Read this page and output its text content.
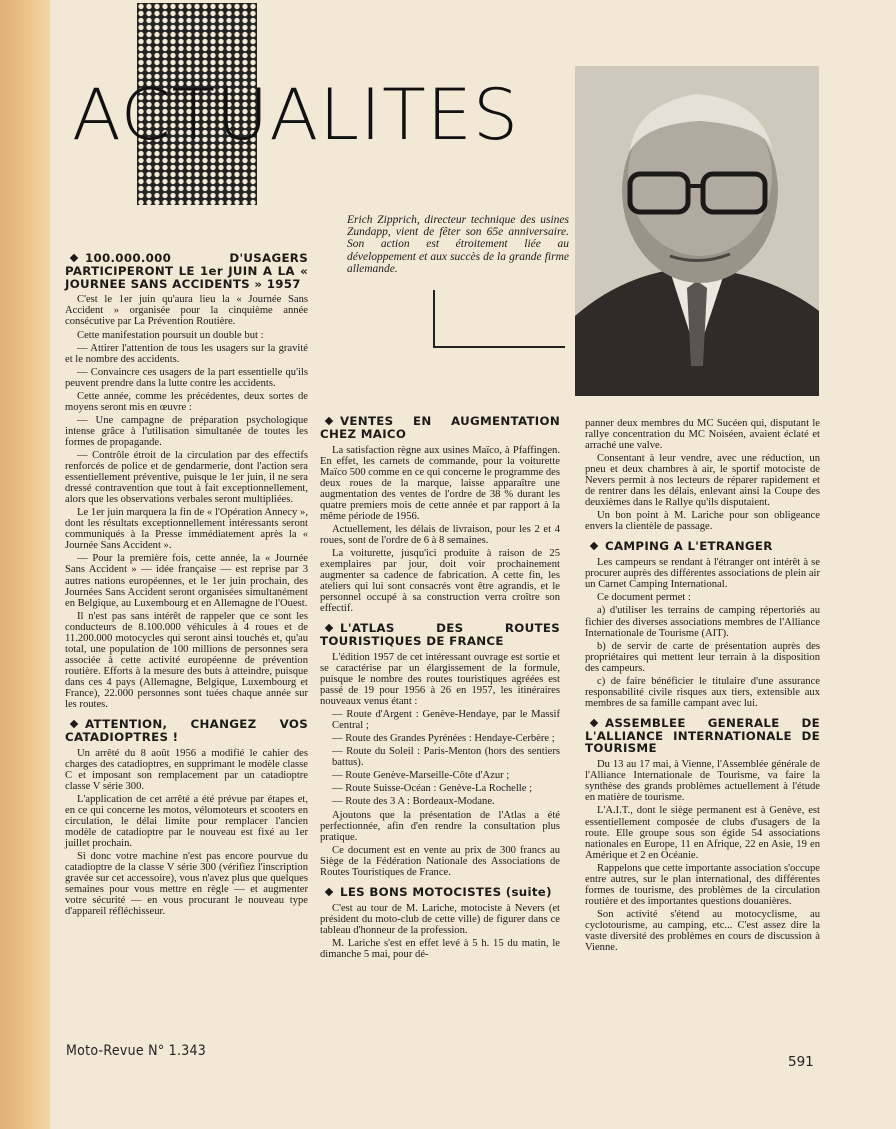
ACTUALITES

Erich Zipprich, directeur technique des usines Zundapp, vient de fêter son 65e anniversaire. Son action est étroitement liée au développement et aux succès de la grande firme allemande.

100.000.000 D'USAGERS PARTICIPERONT LE 1er JUIN A LA « JOURNEE SANS ACCIDENTS » 1957

C'est le 1er juin qu'aura lieu la « Journée Sans Accident » organisée pour la cinquième année consécutive par La Prévention Routière.

Cette manifestation poursuit un double but :

— Attirer l'attention de tous les usagers sur la gravité et le nombre des accidents.

— Convaincre ces usagers de la part essentielle qu'ils peuvent prendre dans la lutte contre les accidents.

Cette année, comme les précédentes, deux sortes de moyens seront mis en œuvre :

— Une campagne de préparation psychologique intense grâce à l'utilisation simultanée de toutes les formes de propagande.

— Contrôle étroit de la circulation par des effectifs renforcés de police et de gendarmerie, dont l'action sera essentiellement préventive, puisque le 1er juin, il ne sera dressé contravention que tout à fait exceptionnellement, alors que les observations verbales seront multipliées.

Le 1er juin marquera la fin de « l'Opération Annecy », dont les résultats exceptionnellement intéressants seront communiqués à la Presse immédiatement après la « Journée Sans Accident ».

— Pour la première fois, cette année, la « Journée Sans Accident » — idée française — est reprise par 3 autres nations européennes, et le 1er juin prochain, des Journées Sans Accident seront organisées simultanément en Belgique, au Luxembourg et en Allemagne de l'Ouest.

Il n'est pas sans intérêt de rappeler que ce sont les conducteurs de 8.100.000 véhicules à 4 roues et de 11.200.000 motocycles qui seront ainsi touchés et, qu'au total, une population de 100 millions de personnes sera associée à cette activité européenne de prévention routière. Efforts à la mesure des buts à atteindre, puisque dans ces 4 pays (Allemagne, Belgique, Luxembourg et France), 22.000 personnes sont tuées chaque année sur les routes.

ATTENTION, CHANGEZ VOS CATADIOPTRES !

Un arrêté du 8 août 1956 a modifié le cahier des charges des catadioptres, en supprimant le modèle classe C et imposant son remplacement par un catadioptre classe V série 300.

L'application de cet arrêté a été prévue par étapes et, en ce qui concerne les motos, vélomoteurs et scooters en circulation, le délai limite pour remplacer l'ancien modèle de catadioptre par le nouveau est fixé au 1er juillet prochain.

Si donc votre machine n'est pas encore pourvue du catadioptre de la classe V série 300 (vérifiez l'inscription gravée sur cet accessoire), vous n'avez plus que quelques semaines pour vous mettre en règle — et augmenter votre sécurité — en vous procurant le nouveau type d'appareil réfléchisseur.

VENTES EN AUGMENTATION CHEZ MAICO

La satisfaction règne aux usines Maïco, à Pfaffingen. En effet, les carnets de commande, pour la voiturette Maïco 500 comme en ce qui concerne le programme des deux roues de la marque, laisse apparaître une augmentation des ventes de l'ordre de 38 % durant les quatre premiers mois de cette année et par rapport à la même période de 1956.

Actuellement, les délais de livraison, pour les 2 et 4 roues, sont de l'ordre de 6 à 8 semaines.

La voiturette, jusqu'ici produite à raison de 25 exemplaires par jour, doit voir prochainement augmenter sa cadence de fabrication. A cette fin, les ateliers qui lui sont consacrés vont être agrandis, et le personnel occupé à sa construction verra croître son effectif.

L'ATLAS DES ROUTES TOURISTIQUES DE FRANCE

L'édition 1957 de cet intéressant ouvrage est sortie et se caractérise par un élargissement de la formule, puisque le nombre des routes touristiques agréées est passé de 19 pour 1956 à 26 en 1957, les itinéraires nouveaux venus étant :

— Route d'Argent : Genève-Hendaye, par le Massif Central ;

— Route des Grandes Pyrénées : Hendaye-Cerbère ;

— Route du Soleil : Paris-Menton (hors des sentiers battus).

— Route Genève-Marseille-Côte d'Azur ;

— Route Suisse-Océan : Genève-La Rochelle ;

— Route des 3 A : Bordeaux-Modane.

Ajoutons que la présentation de l'Atlas a été perfectionnée, afin d'en rendre la consultation plus pratique.

Ce document est en vente au prix de 300 francs au Siège de la Fédération Nationale des Associations de Routes Touristiques de France.

LES BONS MOTOCISTES (suite)

C'est au tour de M. Lariche, motociste à Nevers (et président du moto-club de cette ville) de figurer dans ce tableau d'honneur de la profession.

M. Lariche s'est en effet levé à 5 h. 15 du matin, le dimanche 5 mai, pour dé-

panner deux membres du MC Sucéen qui, disputant le rallye concentration du MC Noiséen, avaient éclaté et arraché une valve.

Consentant à leur vendre, avec une réduction, un pneu et deux chambres à air, le sportif motociste de Nevers permit à nos lecteurs de réparer rapidement et de rentrer dans les délais, enlevant ainsi la Coupe des deuxièmes dans le Rallye qu'ils disputaient.

Un bon point à M. Lariche pour son obligeance envers la clientèle de passage.

CAMPING A L'ETRANGER

Les campeurs se rendant à l'étranger ont intérêt à se procurer auprès des différentes associations de plein air un Carnet Camping International.

Ce document permet :

a) d'utiliser les terrains de camping répertoriés au fichier des diverses associations membres de l'Alliance Internationale de Tourisme (AIT).

b) de servir de carte de présentation auprès des propriétaires qui mettent leur terrain à la disposition des campeurs.

c) de faire bénéficier le titulaire d'une assurance responsabilité civile risques aux tiers, extensible aux membres de sa famille campant avec lui.

ASSEMBLEE GENERALE DE L'ALLIANCE INTERNATIONALE DE TOURISME

Du 13 au 17 mai, à Vienne, l'Assemblée générale de l'Alliance Internationale de Tourisme, va faire la synthèse des grands problèmes actuellement à l'étude en matière de tourisme.

L'A.I.T., dont le siège permanent est à Genève, est essentiellement composée de clubs d'usagers de la route. Elle groupe sous son égide 54 associations nationales en Europe, 11 en Afrique, 22 en Asie, 19 en Amérique et 2 en Océanie.

Rappelons que cette importante association s'occupe entre autres, sur le plan international, des différentes formes de tourisme, des problèmes de la circulation routière et des importantes questions douanières.

Son activité s'étend au motocyclisme, au cyclotourisme, au camping, etc... C'est assez dire la vaste diversité des problèmes en cours de discussion à Vienne.

Moto-Revue N° 1.343
591
